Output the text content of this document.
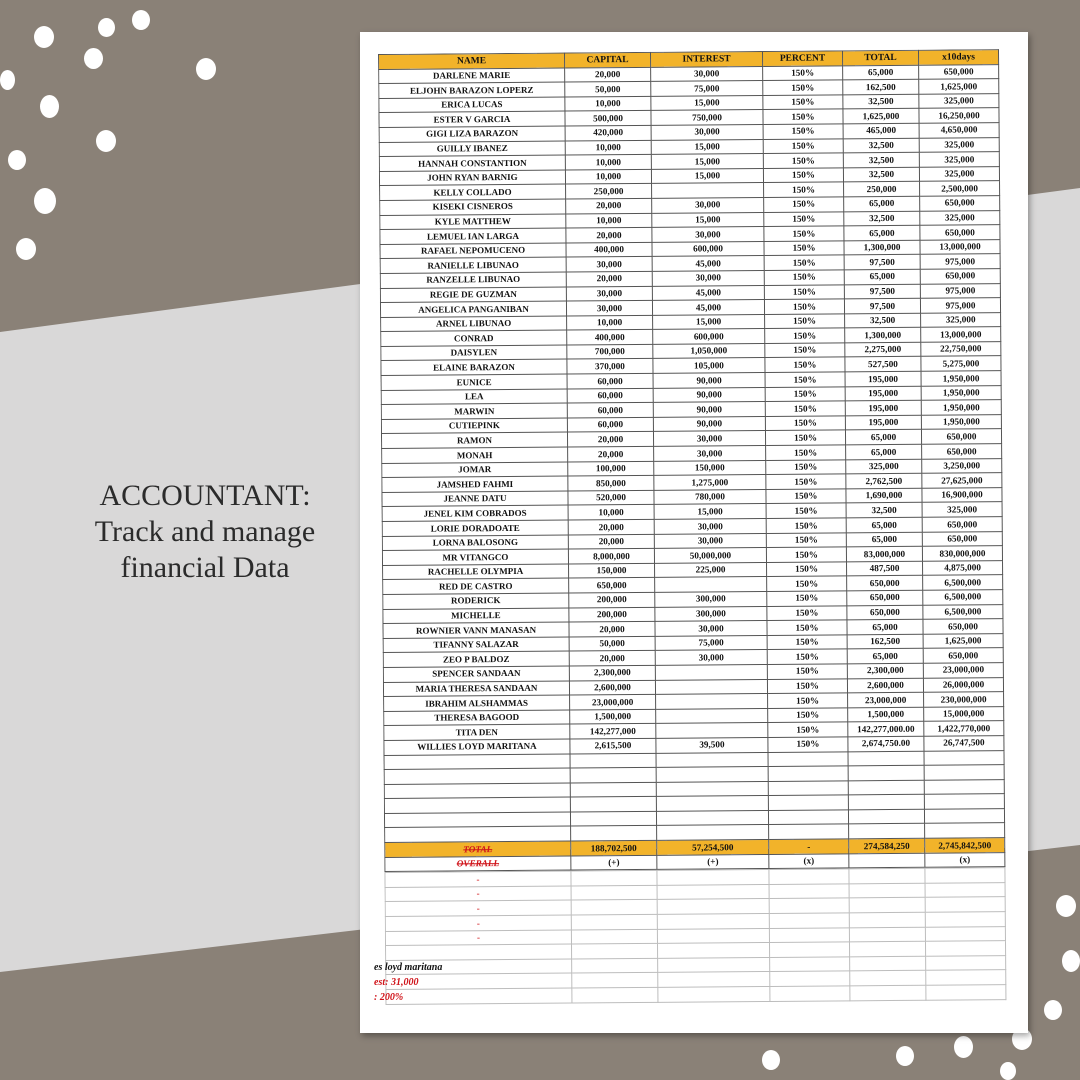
ACCOUNTANT:
Track and manage
financial Data
NAME	CAPITAL	INTEREST	PERCENT	TOTAL	x10days
DARLENE MARIE	20,000	30,000	150%	65,000	650,000
ELJOHN BARAZON LOPERZ	50,000	75,000	150%	162,500	1,625,000
ERICA LUCAS	10,000	15,000	150%	32,500	325,000
ESTER V GARCIA	500,000	750,000	150%	1,625,000	16,250,000
GIGI LIZA BARAZON	420,000	30,000	150%	465,000	4,650,000
GUILLY IBANEZ	10,000	15,000	150%	32,500	325,000
HANNAH CONSTANTION	10,000	15,000	150%	32,500	325,000
JOHN RYAN BARNIG	10,000	15,000	150%	32,500	325,000
KELLY COLLADO	250,000		150%	250,000	2,500,000
KISEKI CISNEROS	20,000	30,000	150%	65,000	650,000
KYLE MATTHEW	10,000	15,000	150%	32,500	325,000
LEMUEL IAN LARGA	20,000	30,000	150%	65,000	650,000
RAFAEL NEPOMUCENO	400,000	600,000	150%	1,300,000	13,000,000
RANIELLE LIBUNAO	30,000	45,000	150%	97,500	975,000
RANZELLE LIBUNAO	20,000	30,000	150%	65,000	650,000
REGIE DE GUZMAN	30,000	45,000	150%	97,500	975,000
ANGELICA PANGANIBAN	30,000	45,000	150%	97,500	975,000
ARNEL LIBUNAO	10,000	15,000	150%	32,500	325,000
CONRAD	400,000	600,000	150%	1,300,000	13,000,000
DAISYLEN	700,000	1,050,000	150%	2,275,000	22,750,000
ELAINE BARAZON	370,000	105,000	150%	527,500	5,275,000
EUNICE	60,000	90,000	150%	195,000	1,950,000
LEA	60,000	90,000	150%	195,000	1,950,000
MARWIN	60,000	90,000	150%	195,000	1,950,000
CUTIEPINK	60,000	90,000	150%	195,000	1,950,000
RAMON	20,000	30,000	150%	65,000	650,000
MONAH	20,000	30,000	150%	65,000	650,000
JOMAR	100,000	150,000	150%	325,000	3,250,000
JAMSHED FAHMI	850,000	1,275,000	150%	2,762,500	27,625,000
JEANNE DATU	520,000	780,000	150%	1,690,000	16,900,000
JENEL KIM COBRADOS	10,000	15,000	150%	32,500	325,000
LORIE DORADOATE	20,000	30,000	150%	65,000	650,000
LORNA BALOSONG	20,000	30,000	150%	65,000	650,000
MR VITANGCO	8,000,000	50,000,000	150%	83,000,000	830,000,000
RACHELLE OLYMPIA	150,000	225,000	150%	487,500	4,875,000
RED DE CASTRO	650,000		150%	650,000	6,500,000
RODERICK	200,000	300,000	150%	650,000	6,500,000
MICHELLE	200,000	300,000	150%	650,000	6,500,000
ROWNIER VANN MANASAN	20,000	30,000	150%	65,000	650,000
TIFANNY SALAZAR	50,000	75,000	150%	162,500	1,625,000
ZEO P BALDOZ	20,000	30,000	150%	65,000	650,000
SPENCER SANDAAN	2,300,000		150%	2,300,000	23,000,000
MARIA THERESA SANDAAN	2,600,000		150%	2,600,000	26,000,000
IBRAHIM ALSHAMMAS	23,000,000		150%	23,000,000	230,000,000
THERESA BAGOOD	1,500,000		150%	1,500,000	15,000,000
TITA DEN	142,277,000		150%	142,277,000.00	1,422,770,000
WILLIES LOYD MARITANA	2,615,500	39,500	150%	2,674,750.00	26,747,500

TOTAL	188,702,500	57,254,500	-	274,584,250	2,745,842,500
OVERALL	(+)	(+)	(x)		(x)
-					
-					
-					
-					
-					

es loyd maritana
est: 31,000
: 200%
